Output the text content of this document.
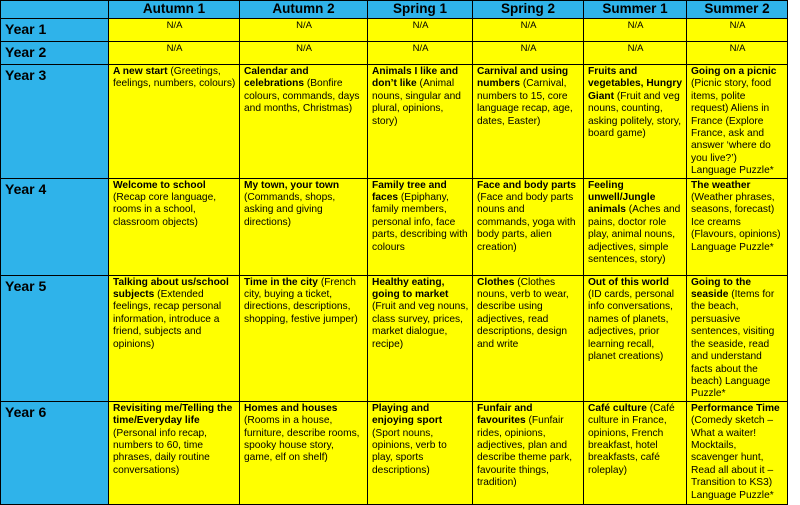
	Autumn 1	Autumn 2	Spring 1	Spring 2	Summer 1	Summer 2
Year 1	N/A	N/A	N/A	N/A	N/A	N/A
Year 2	N/A	N/A	N/A	N/A	N/A	N/A
Year 3	A new start (Greetings, feelings, numbers, colours)	Calendar and celebrations (Bonfire colours, commands, days and months, Christmas)	Animals I like and don’t like (Animal nouns, singular and plural, opinions, story)	Carnival and using numbers (Carnival, numbers to 15, core language recap, age, dates, Easter)	Fruits and vegetables, Hungry Giant (Fruit and veg nouns, counting, asking politely, story, board game)	Going on a picnic (Picnic story, food items, polite request) Aliens in France (Explore France, ask and answer ‘where do you live?’) Language Puzzle*
Year 4	Welcome to school (Recap core language, rooms in a school, classroom objects)	My town, your town (Commands, shops, asking and giving directions)	Family tree and faces (Epiphany, family members, personal info, face parts, describing with colours	Face and body parts (Face and body parts nouns and commands, yoga with body parts, alien creation)	Feeling unwell/Jungle animals (Aches and pains, doctor role play, animal nouns, adjectives, simple sentences, story)	The weather (Weather phrases, seasons, forecast) Ice creams (Flavours, opinions) Language Puzzle*
Year 5	Talking about us/school subjects (Extended feelings, recap personal information, introduce a friend, subjects and opinions)	Time in the city (French city, buying a ticket, directions, descriptions, shopping, festive jumper)	Healthy eating, going to market (Fruit and veg nouns, class survey, prices, market dialogue, recipe)	Clothes (Clothes nouns, verb to wear, describe using adjectives, read descriptions, design and write	Out of this world (ID cards, personal info conversations, names of planets, adjectives, prior learning recall, planet creations)	Going to the seaside (Items for the beach, persuasive sentences, visiting the seaside, read and understand facts about the beach) Language Puzzle*
Year 6	Revisiting me/Telling the time/Everyday life (Personal info recap, numbers to 60, time phrases, daily routine conversations)	Homes and houses (Rooms in a house, furniture, describe rooms, spooky house story, game, elf on shelf)	Playing and enjoying sport (Sport nouns, opinions, verb to play, sports descriptions)	Funfair and favourites (Funfair rides, opinions, adjectives, plan and describe theme park, favourite things, tradition)	Café culture (Café culture in France, opinions, French breakfast, hotel breakfasts, café roleplay)	Performance Time (Comedy sketch – What a waiter! Mocktails, scavenger hunt, Read all about it – Transition to KS3) Language Puzzle*
